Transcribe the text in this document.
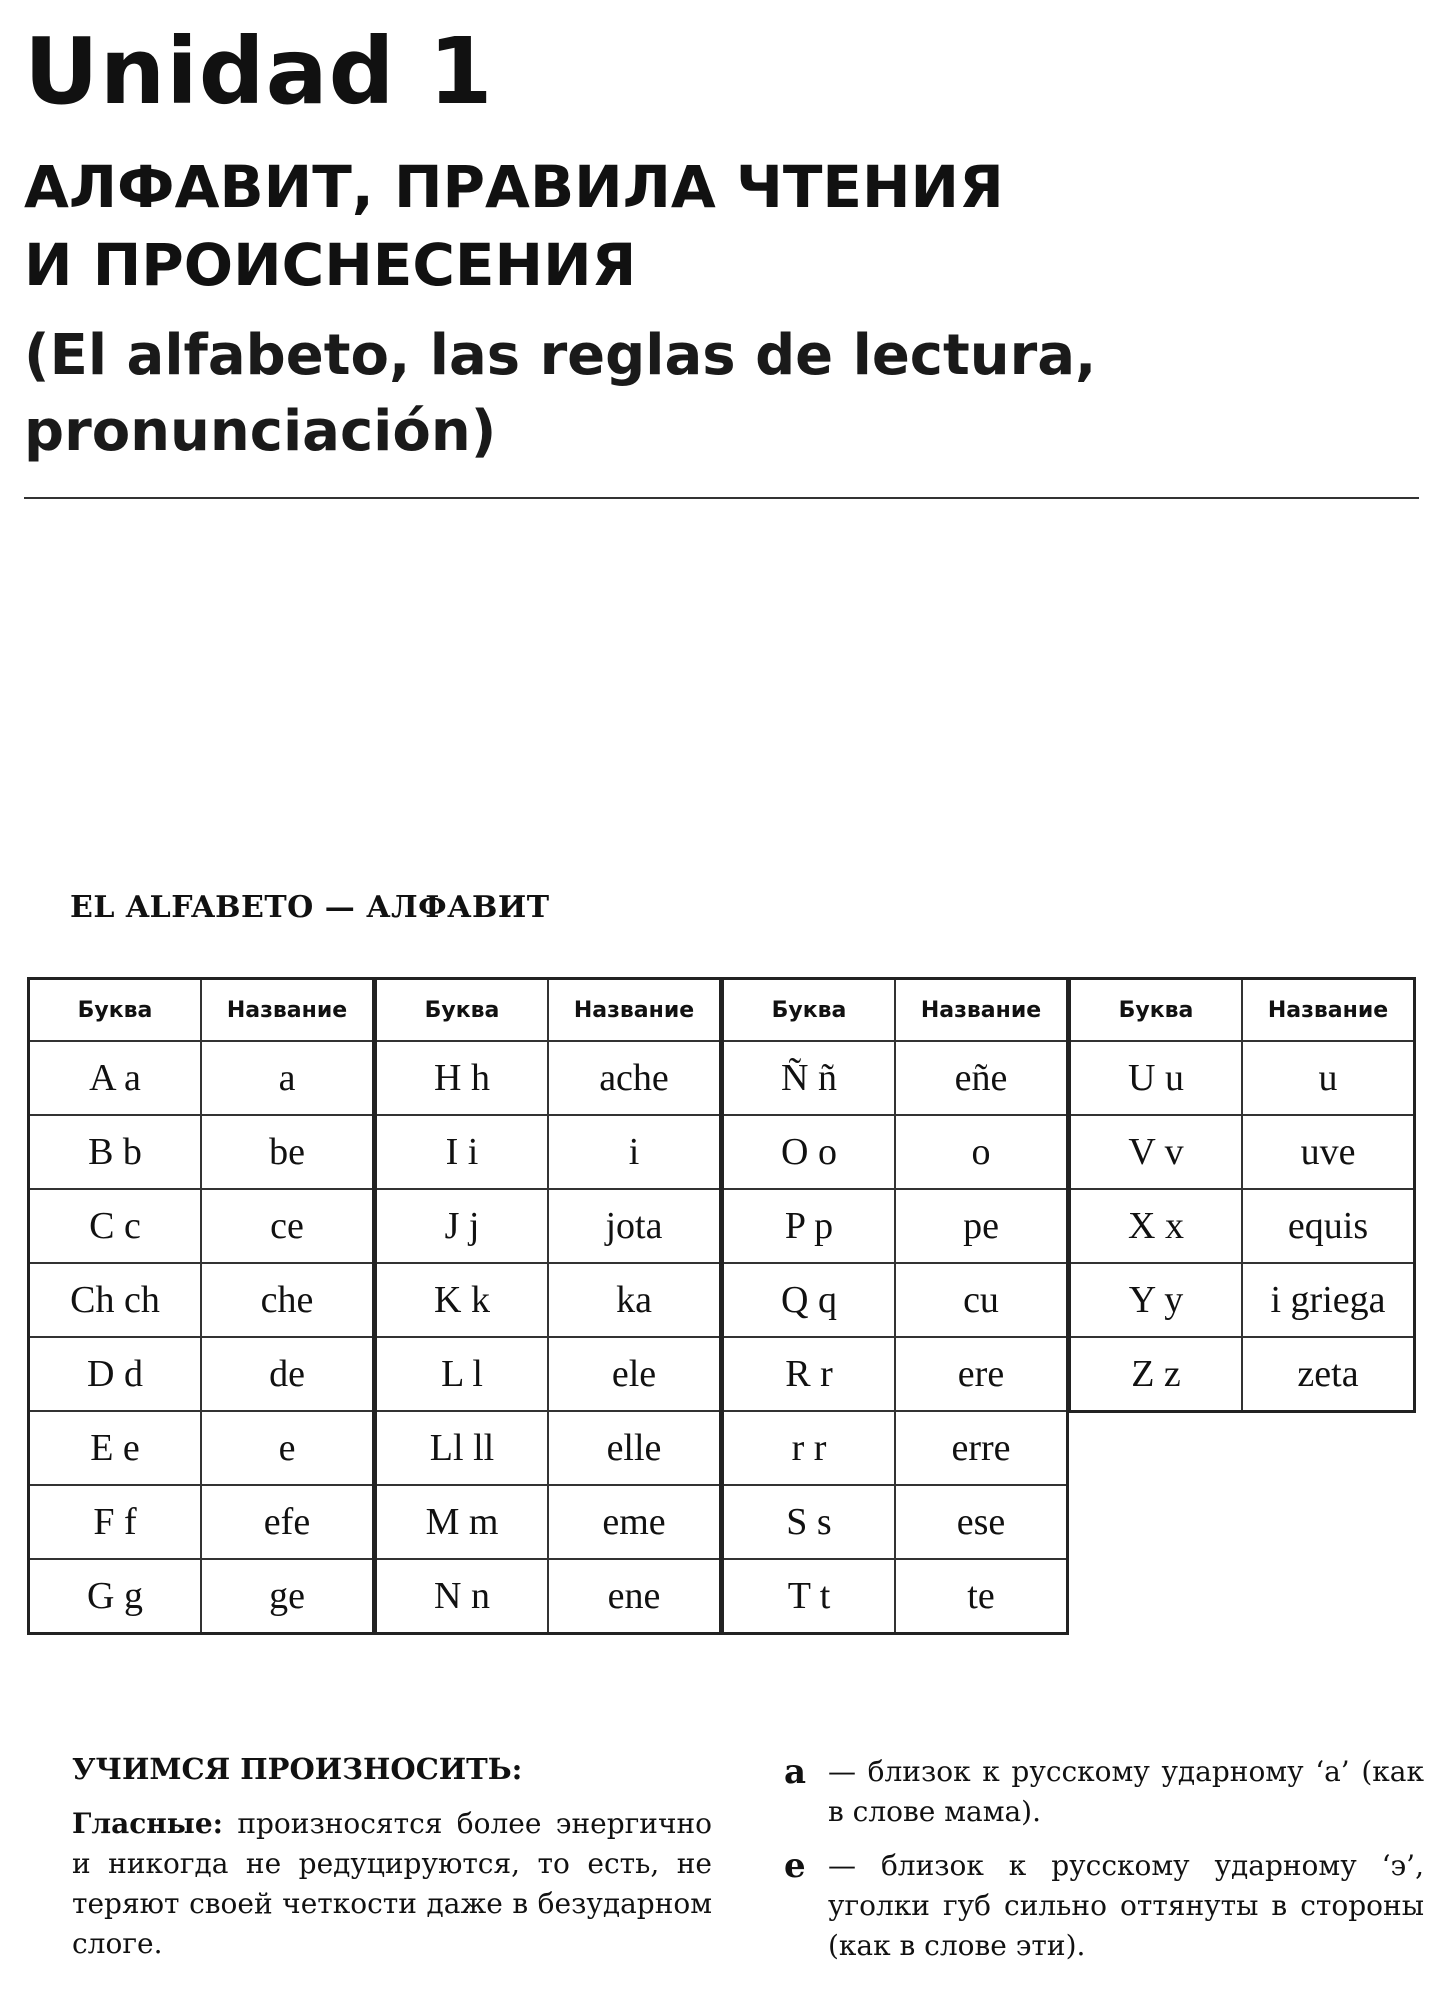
Unidad 1
АЛФАВИТ, ПРАВИЛА ЧТЕНИЯ
И ПРОИСНЕСЕНИЯ
(El alfabeto, las reglas de lectura,
pronunciación)
EL ALFABETO — АЛФАВИТ
Буква	Название
A a	a
B b	be
C c	ce
Ch ch	che
D d	de
E e	e
F f	efe
G g	ge
Буква	Название
H h	ache
I i	i
J j	jota
K k	ka
L l	ele
Ll ll	elle
M m	eme
N n	ene
Буква	Название
Ñ ñ	eñe
O o	o
P p	pe
Q q	cu
R r	ere
r r	erre
S s	ese
T t	te
Буква	Название
U u	u
V v	uve
X x	equis
Y y	i griega
Z z	zeta
УЧИМСЯ ПРОИЗНОСИТЬ:

Гласные: произносятся более энергично и никогда не редуцируются, то есть, не теряют своей четкости даже в безударном слоге.

a — близок к русскому ударному ‘а’ (как в слове мама).
e — близок к русскому ударному ‘э’, уголки губ сильно оттянуты в стороны (как в слове эти).
